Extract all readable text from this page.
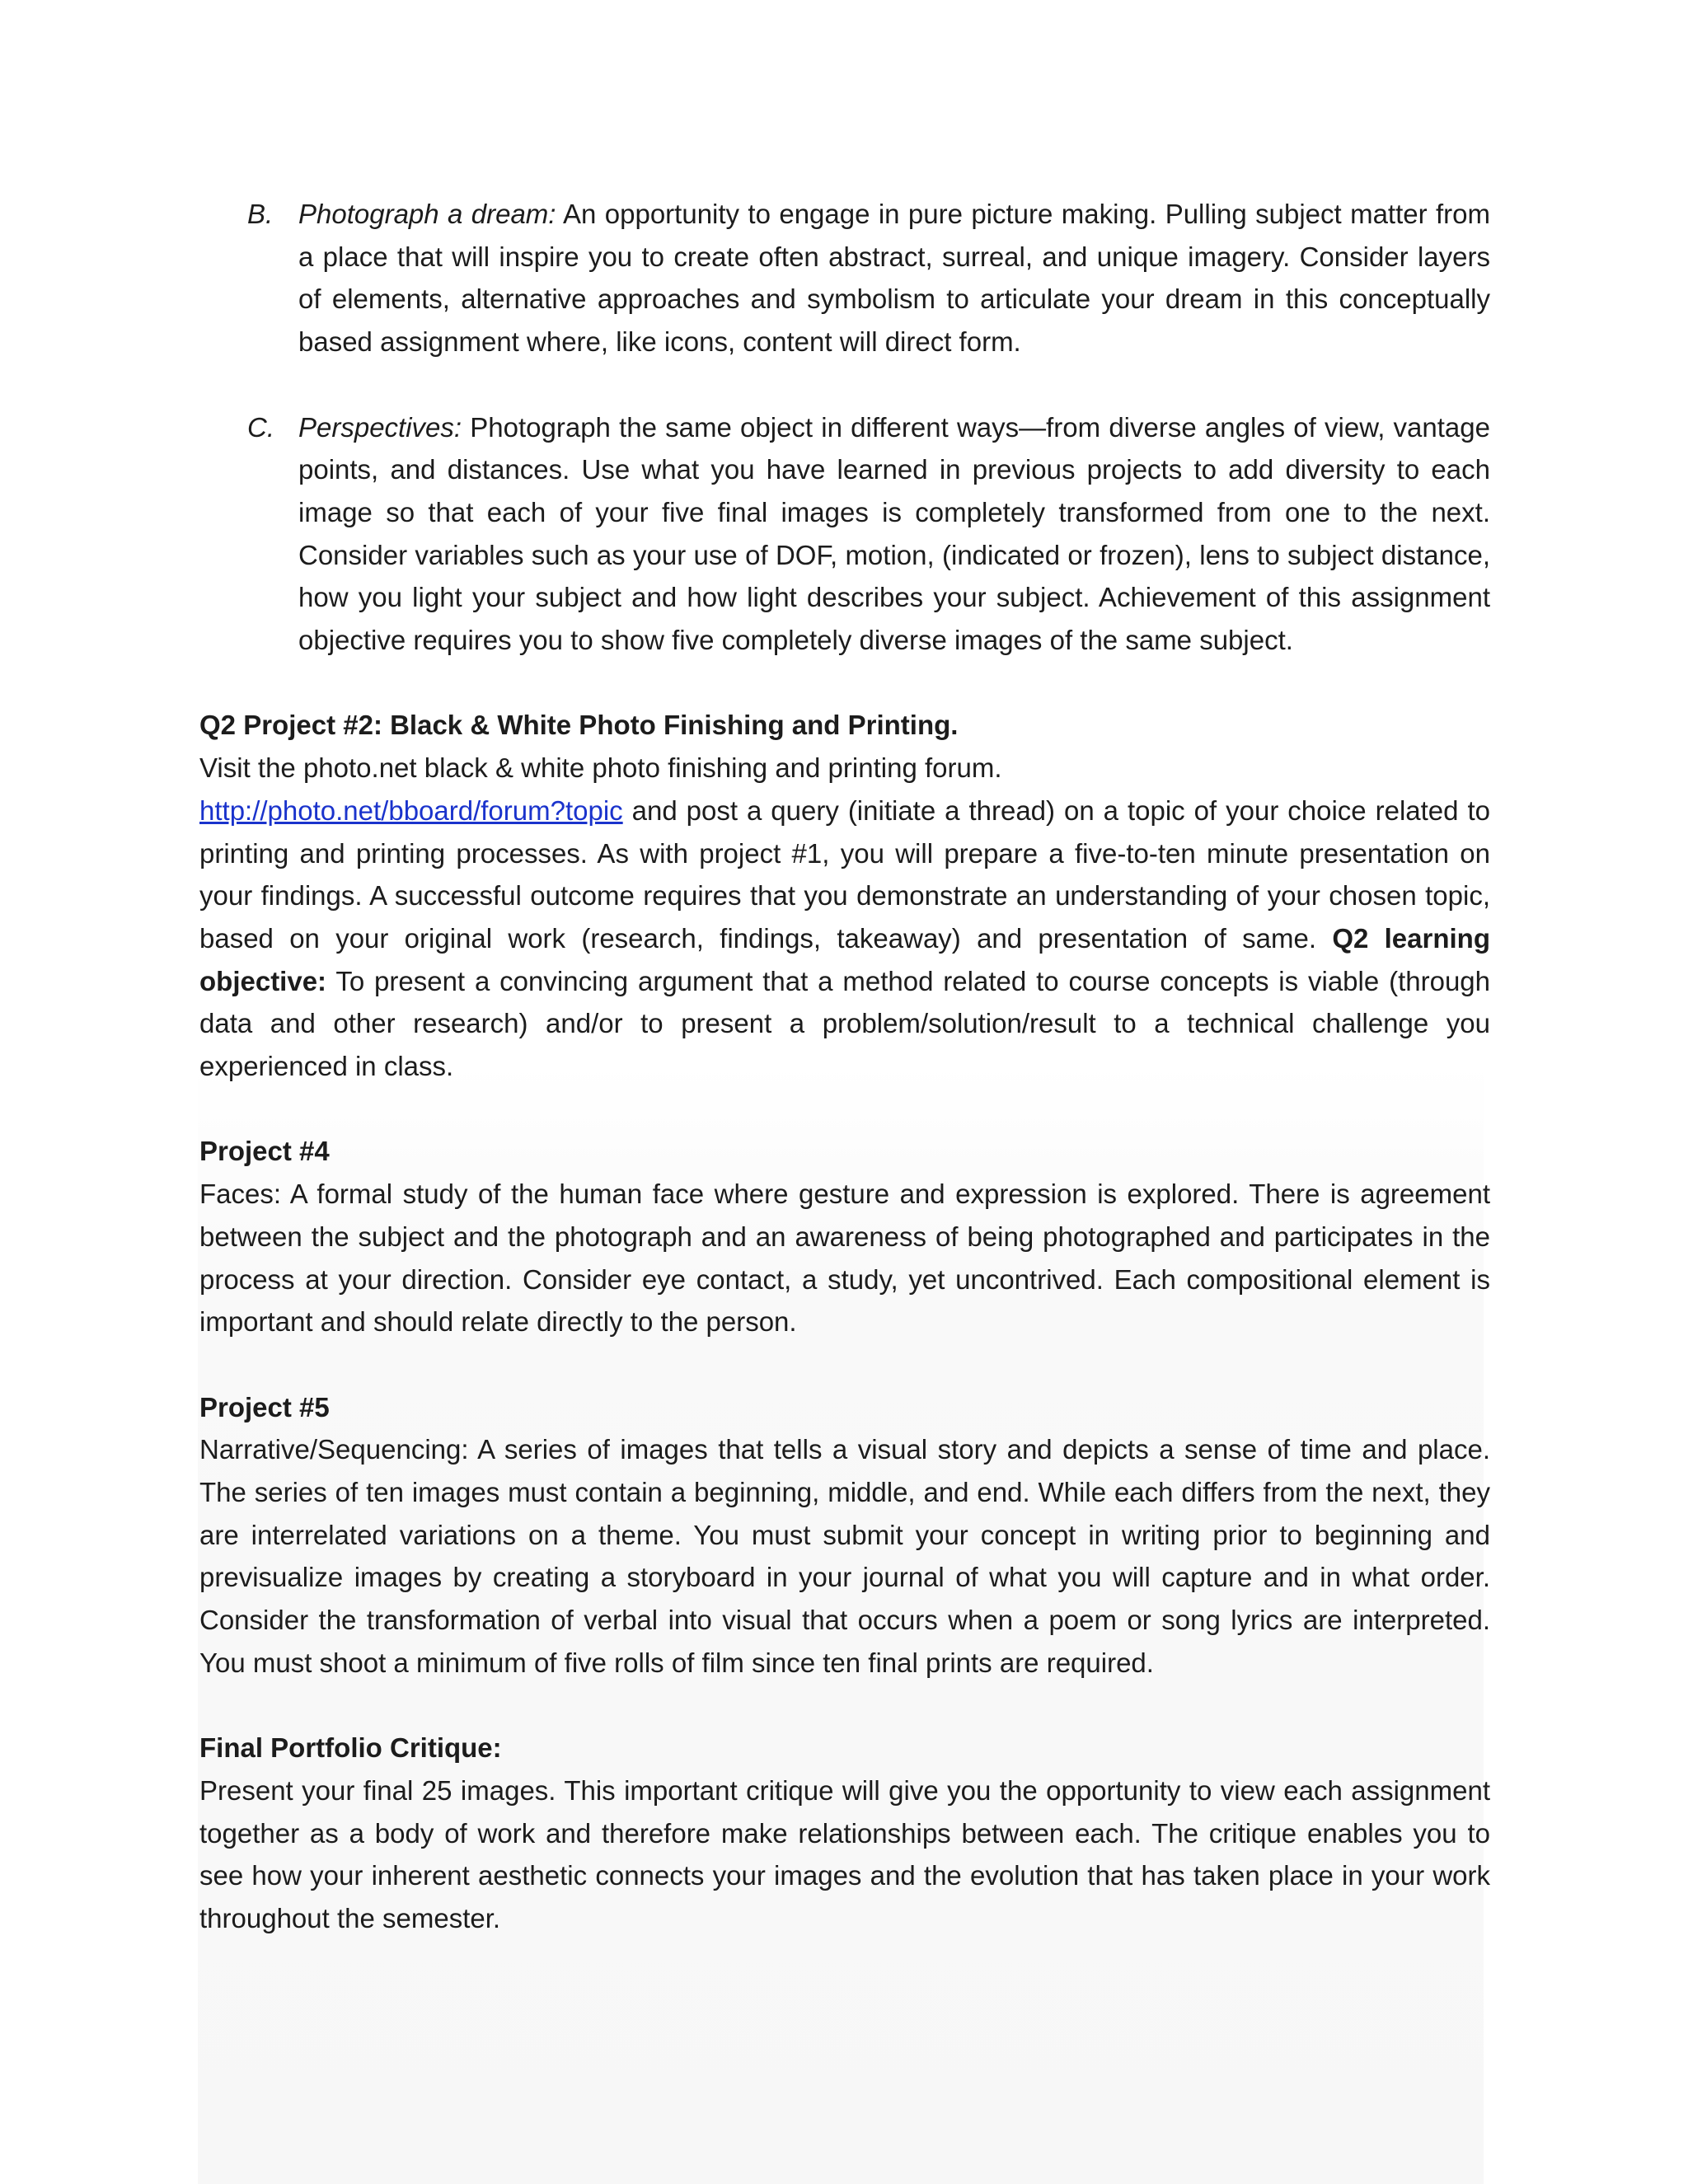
B. Photograph a dream: An opportunity to engage in pure picture making. Pulling subject matter from a place that will inspire you to create often abstract, surreal, and unique imagery. Consider layers of elements, alternative approaches and symbolism to articulate your dream in this conceptually based assignment where, like icons, content will direct form.
C. Perspectives: Photograph the same object in different ways—from diverse angles of view, vantage points, and distances. Use what you have learned in previous projects to add diversity to each image so that each of your five final images is completely transformed from one to the next. Consider variables such as your use of DOF, motion, (indicated or frozen), lens to subject distance, how you light your subject and how light describes your subject. Achievement of this assignment objective requires you to show five completely diverse images of the same subject.
Q2 Project #2: Black & White Photo Finishing and Printing.
Visit the photo.net black & white photo finishing and printing forum.

http://photo.net/bboard/forum?topic and post a query (initiate a thread) on a topic of your choice related to printing and printing processes. As with project #1, you will prepare a five-to-ten minute presentation on your findings. A successful outcome requires that you demonstrate an understanding of your chosen topic, based on your original work (research, findings, takeaway) and presentation of same. Q2 learning objective: To present a convincing argument that a method related to course concepts is viable (through data and other research) and/or to present a problem/solution/result to a technical challenge you experienced in class.

Project #4

Faces: A formal study of the human face where gesture and expression is explored. There is agreement between the subject and the photograph and an awareness of being photographed and participates in the process at your direction. Consider eye contact, a study, yet uncontrived. Each compositional element is important and should relate directly to the person.

Project #5

Narrative/Sequencing: A series of images that tells a visual story and depicts a sense of time and place. The series of ten images must contain a beginning, middle, and end. While each differs from the next, they are interrelated variations on a theme. You must submit your concept in writing prior to beginning and previsualize images by creating a storyboard in your journal of what you will capture and in what order. Consider the transformation of verbal into visual that occurs when a poem or song lyrics are interpreted. You must shoot a minimum of five rolls of film since ten final prints are required.

Final Portfolio Critique:

Present your final 25 images. This important critique will give you the opportunity to view each assignment together as a body of work and therefore make relationships between each. The critique enables you to see how your inherent aesthetic connects your images and the evolution that has taken place in your work throughout the semester.
